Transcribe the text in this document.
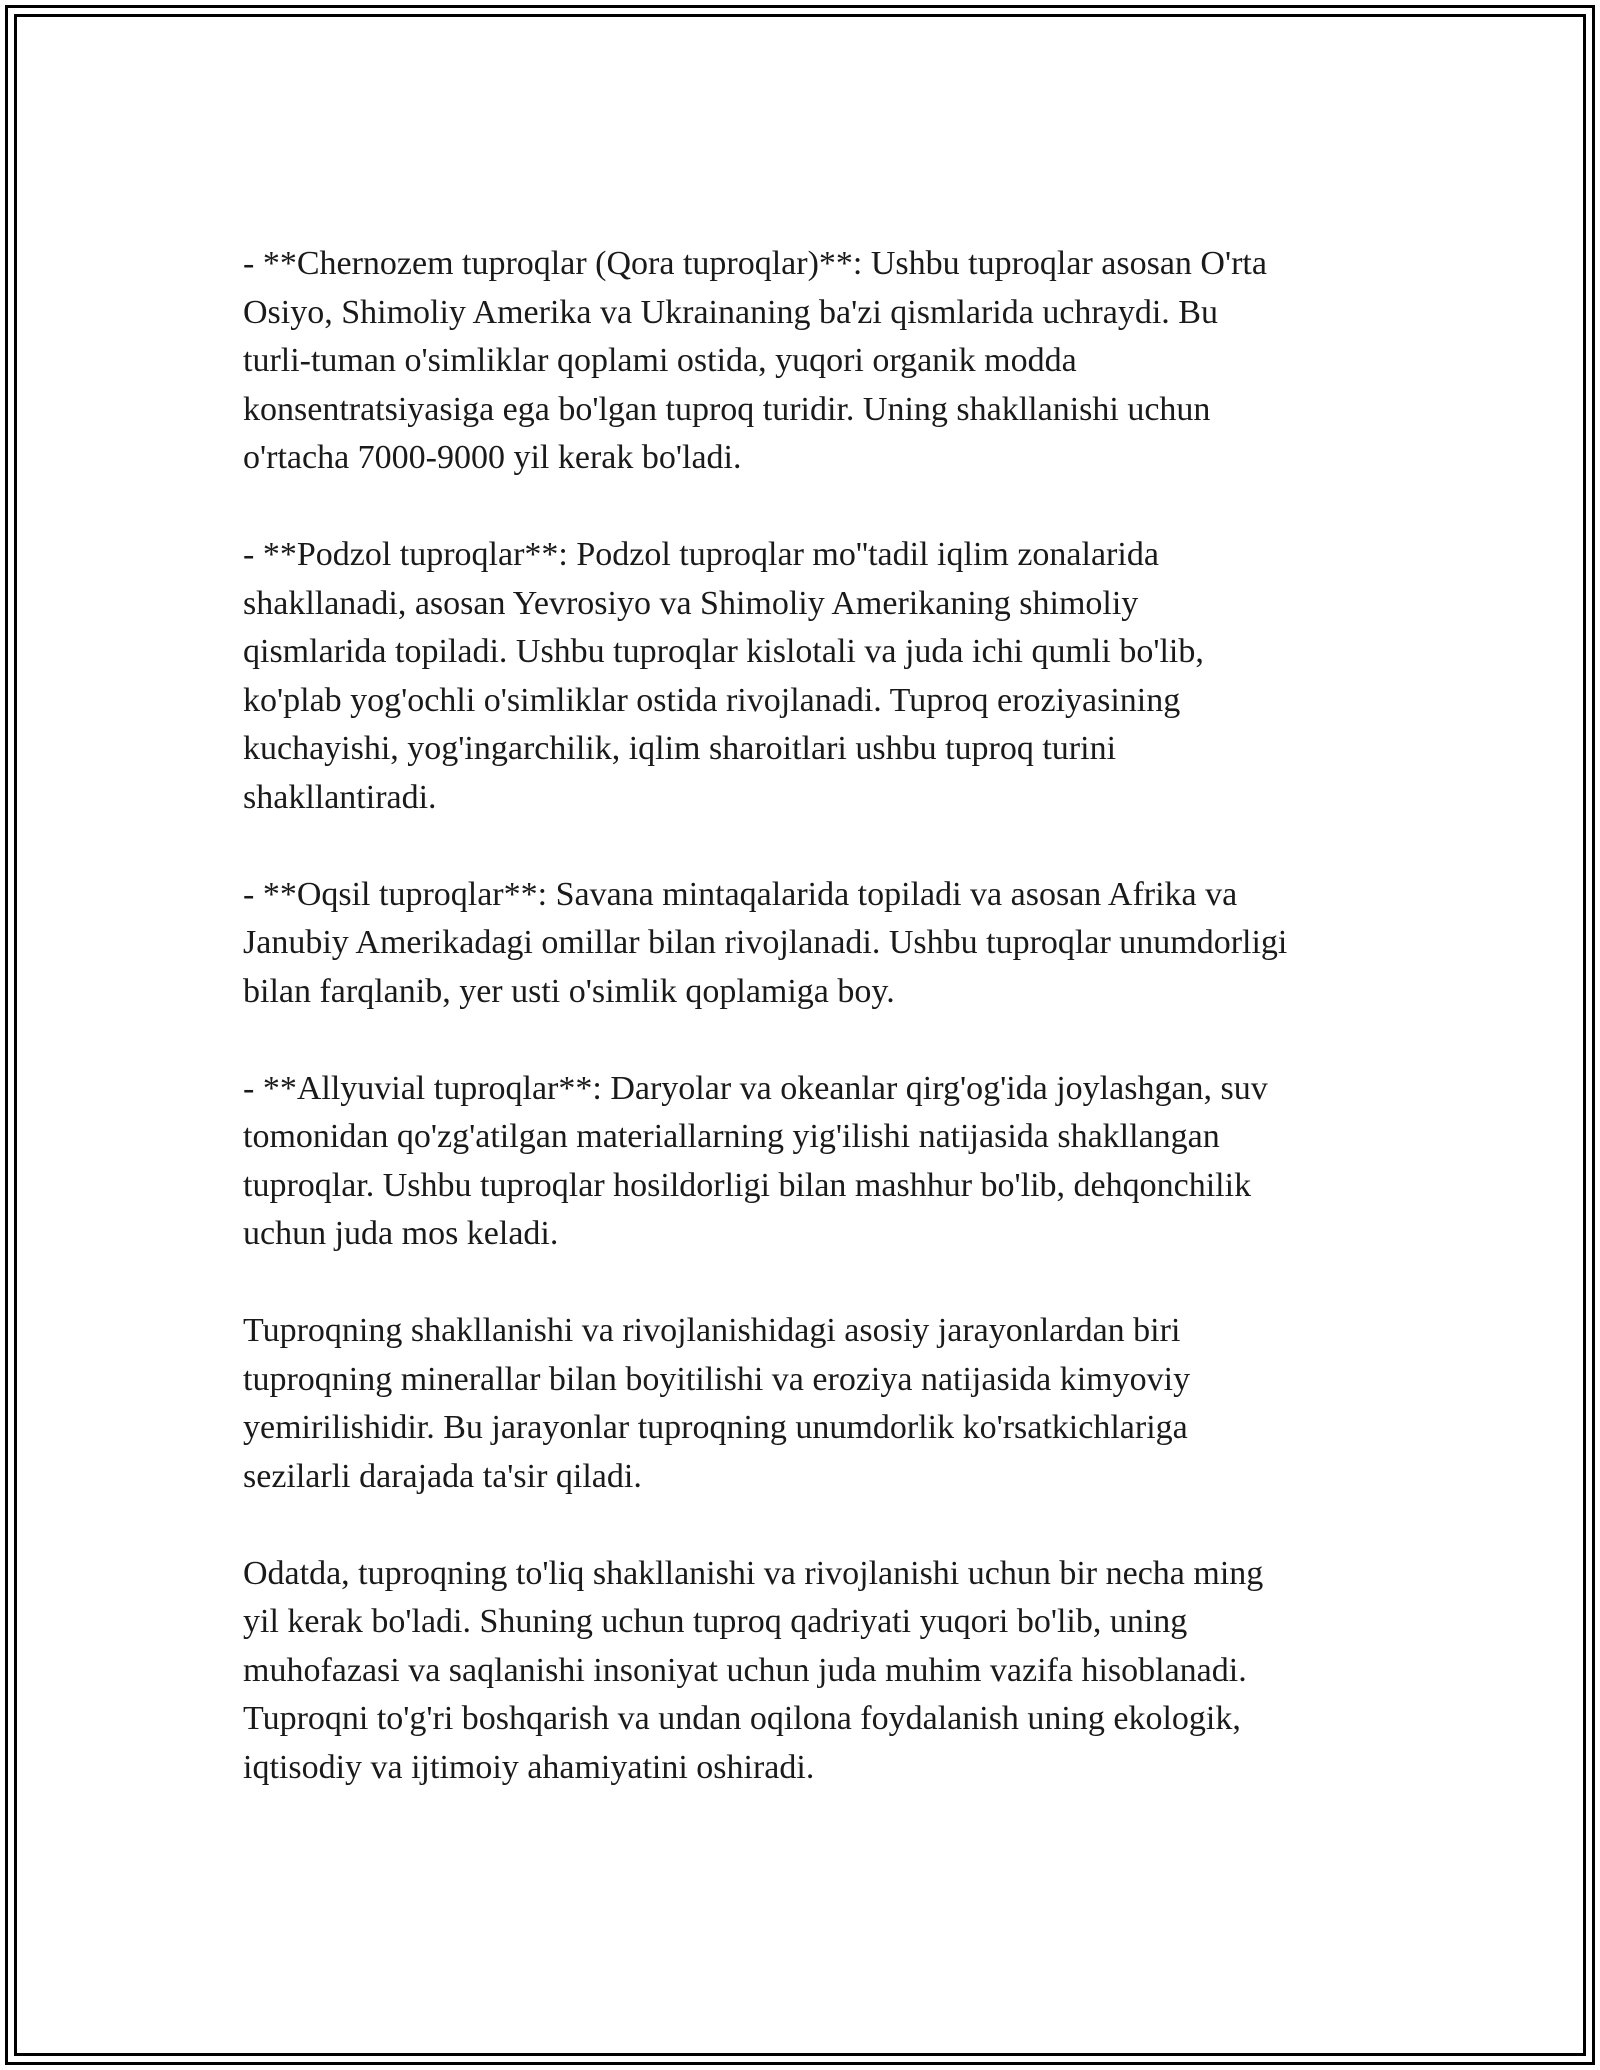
- **Chernozem tuproqlar (Qora tuproqlar)**: Ushbu tuproqlar asosan O'rta
Osiyo, Shimoliy Amerika va Ukrainaning ba'zi qismlarida uchraydi. Bu
turli-tuman o'simliklar qoplami ostida, yuqori organik modda
konsentratsiyasiga ega bo'lgan tuproq turidir. Uning shakllanishi uchun
o'rtacha 7000-9000 yil kerak bo'ladi.

- **Podzol tuproqlar**: Podzol tuproqlar mo''tadil iqlim zonalarida
shakllanadi, asosan Yevrosiyo va Shimoliy Amerikaning shimoliy
qismlarida topiladi. Ushbu tuproqlar kislotali va juda ichi qumli bo'lib,
ko'plab yog'ochli o'simliklar ostida rivojlanadi. Tuproq eroziyasining
kuchayishi, yog'ingarchilik, iqlim sharoitlari ushbu tuproq turini
shakllantiradi.

- **Oqsil tuproqlar**: Savana mintaqalarida topiladi va asosan Afrika va
Janubiy Amerikadagi omillar bilan rivojlanadi. Ushbu tuproqlar unumdorligi
bilan farqlanib, yer usti o'simlik qoplamiga boy.

- **Allyuvial tuproqlar**: Daryolar va okeanlar qirg'og'ida joylashgan, suv
tomonidan qo'zg'atilgan materiallarning yig'ilishi natijasida shakllangan
tuproqlar. Ushbu tuproqlar hosildorligi bilan mashhur bo'lib, dehqonchilik
uchun juda mos keladi.

Tuproqning shakllanishi va rivojlanishidagi asosiy jarayonlardan biri
tuproqning minerallar bilan boyitilishi va eroziya natijasida kimyoviy
yemirilishidir. Bu jarayonlar tuproqning unumdorlik ko'rsatkichlariga
sezilarli darajada ta'sir qiladi.

Odatda, tuproqning to'liq shakllanishi va rivojlanishi uchun bir necha ming
yil kerak bo'ladi. Shuning uchun tuproq qadriyati yuqori bo'lib, uning
muhofazasi va saqlanishi insoniyat uchun juda muhim vazifa hisoblanadi.
Tuproqni to'g'ri boshqarish va undan oqilona foydalanish uning ekologik,
iqtisodiy va ijtimoiy ahamiyatini oshiradi.
